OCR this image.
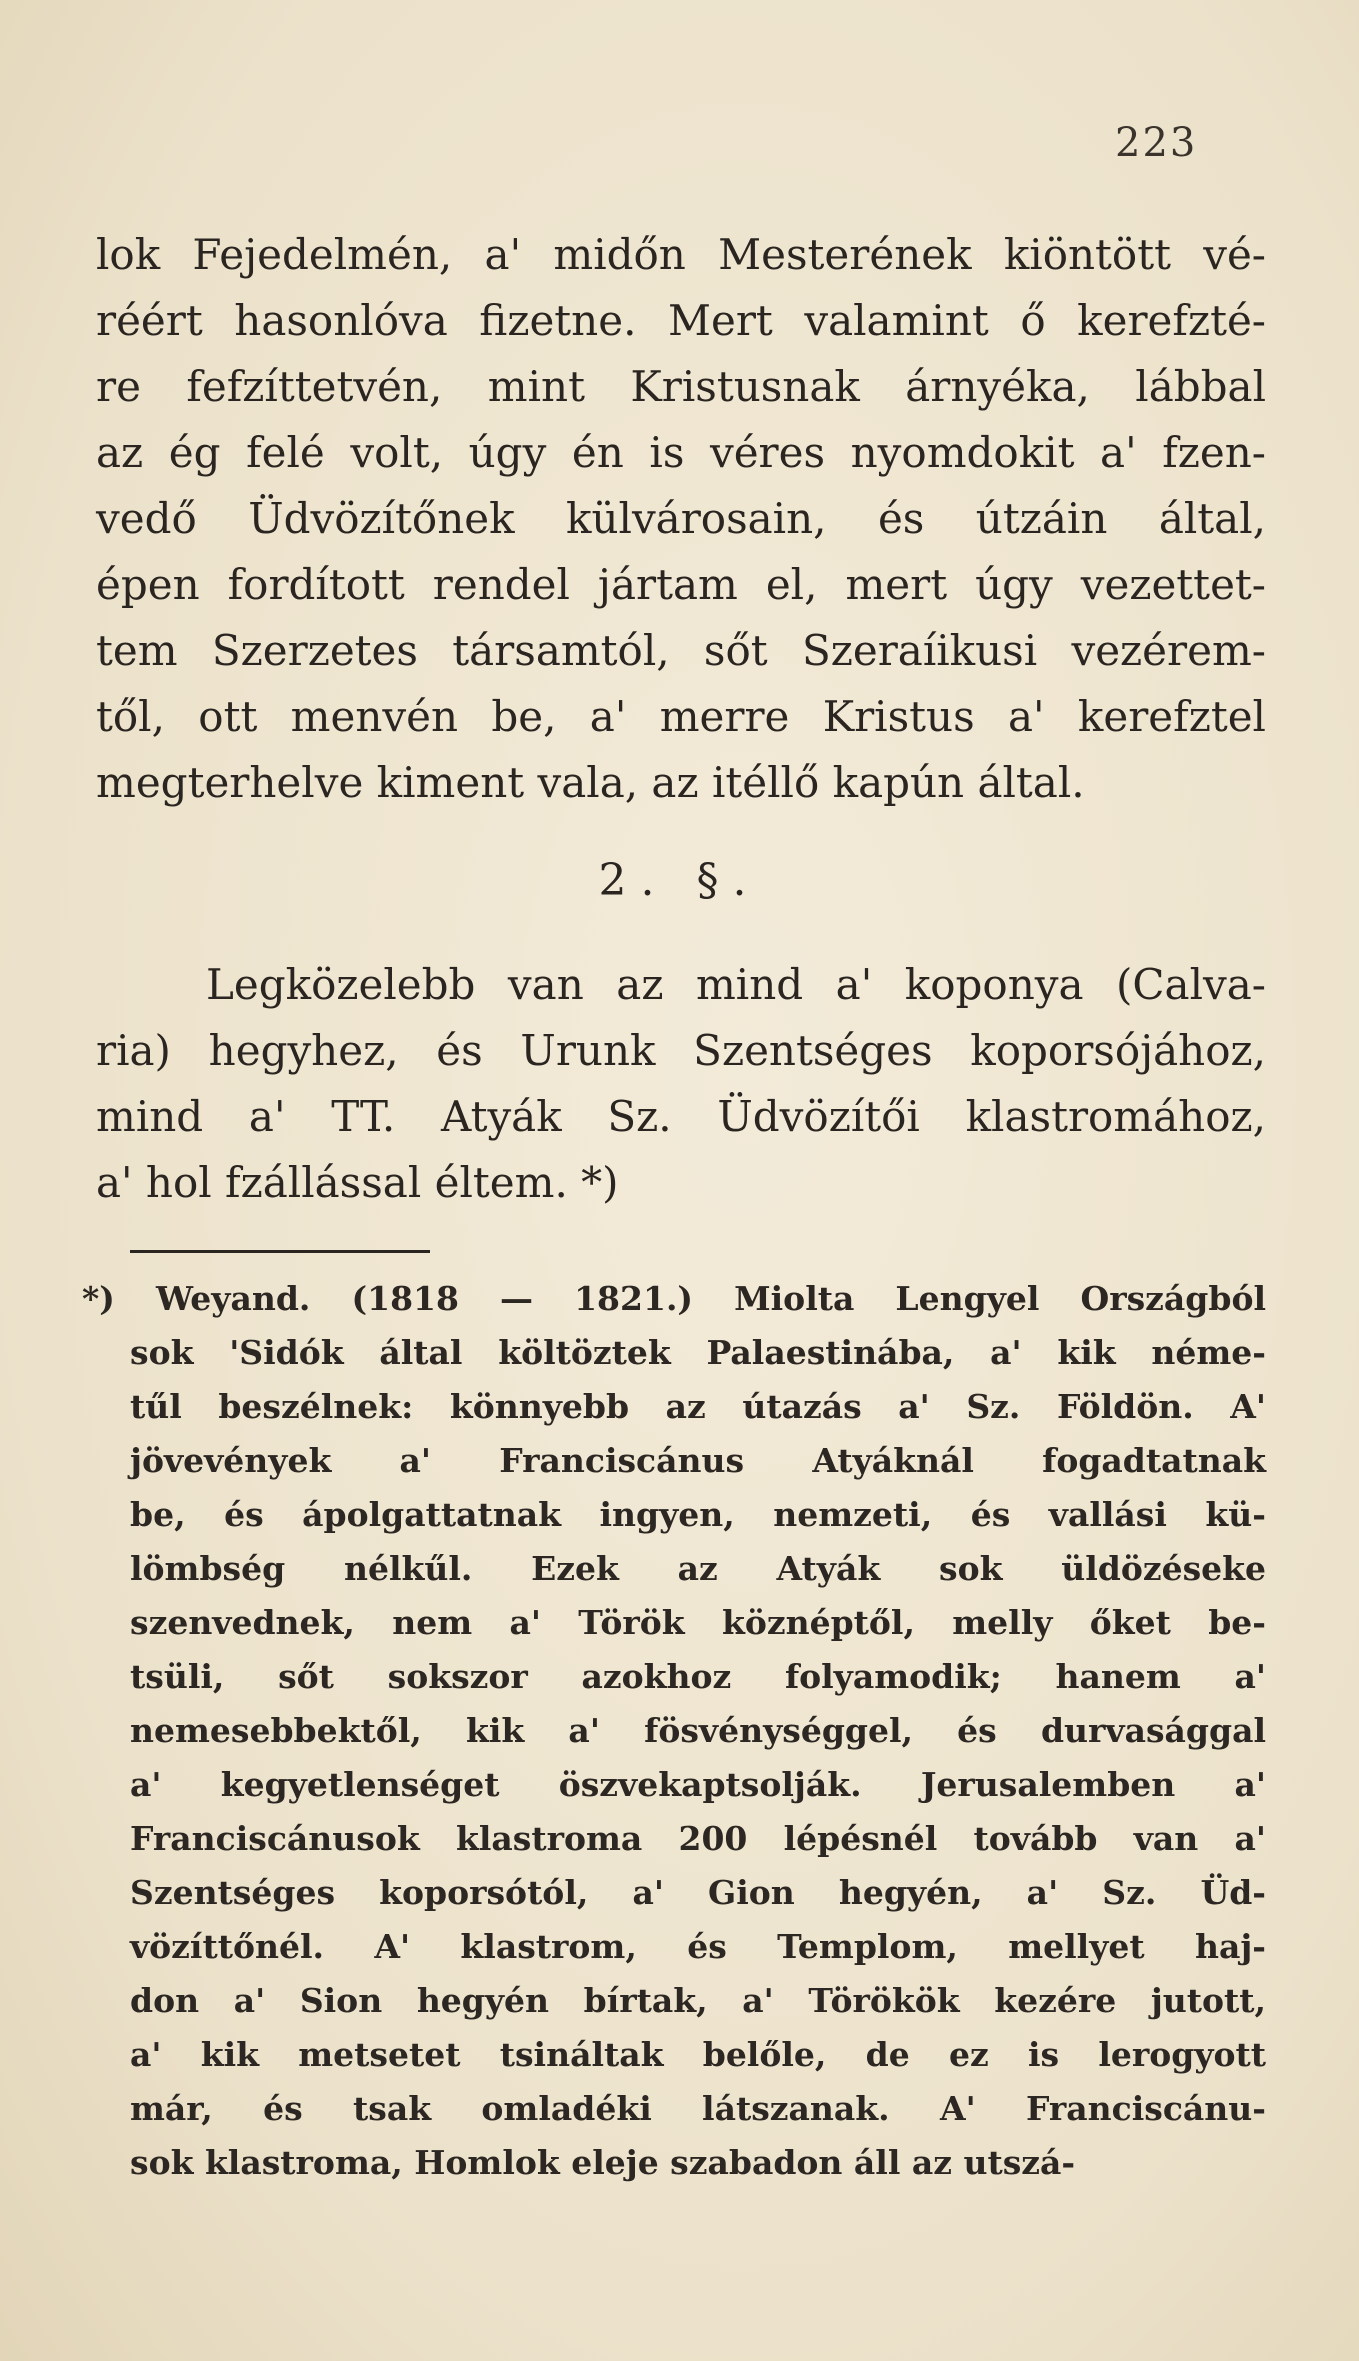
223
lok Fejedelmén, a' midőn Mesterének kiöntött vé-
réért hasonlóva fizetne. Mert valamint ő kerefzté-
re fefzíttetvén, mint Kristusnak árnyéka, lábbal
az ég felé volt, úgy én is véres nyomdokit a' fzen-
vedő Üdvözítőnek külvárosain, és útzáin által,
épen fordított rendel jártam el, mert úgy vezettet-
tem Szerzetes társamtól, sőt Szeraíikusi vezérem-
től, ott menvén be, a' merre Kristus a' kerefztel
megterhelve kiment vala, az itéllő kapún által.
2. §.
Legközelebb van az mind a' koponya (Calva-
ria) hegyhez, és Urunk Szentséges koporsójához,
mind a' TT. Atyák Sz. Üdvözítői klastromához,
a' hol fzállással éltem. *)
*) Weyand. (1818 — 1821.) Miolta Lengyel Országból
sok 'Sidók által költöztek Palaestinába, a' kik néme-
tűl beszélnek: könnyebb az útazás a' Sz. Földön. A'
jövevények a' Franciscánus Atyáknál fogadtatnak
be, és ápolgattatnak ingyen, nemzeti, és vallási kü-
lömbség nélkűl. Ezek az Atyák sok üldözéseke
szenvednek, nem a' Török köznéptől, melly őket be-
tsüli, sőt sokszor azokhoz folyamodik; hanem a'
nemesebbektől, kik a' fösvénységgel, és durvasággal
a' kegyetlenséget öszvekaptsolják. Jerusalemben a'
Franciscánusok klastroma 200 lépésnél tovább van a'
Szentséges koporsótól, a' Gion hegyén, a' Sz. Üd-
vözíttőnél. A' klastrom, és Templom, mellyet haj-
don a' Sion hegyén bírtak, a' Törökök kezére jutott,
a' kik metsetet tsináltak belőle, de ez is lerogyott
már, és tsak omladéki látszanak. A' Franciscánu-
sok klastroma, Homlok eleje szabadon áll az utszá-
